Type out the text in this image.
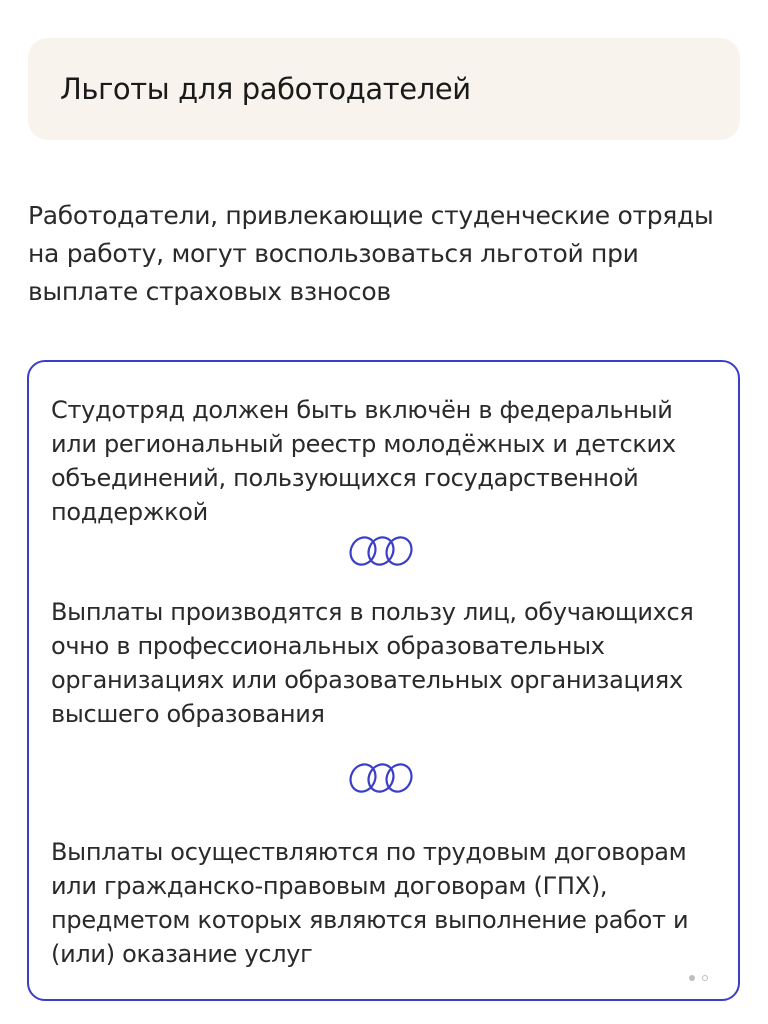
Льготы для работодателей

Работодатели, привлекающие студенческие отряды на работу, могут воспользоваться льготой при выплате страховых взносов

Студотряд должен быть включён в федеральный или региональный реестр молодёжных и детских объединений, пользующихся государственной поддержкой

Выплаты производятся в пользу лиц, обучающихся очно в профессиональных образовательных организациях или образовательных организациях высшего образования

Выплаты осуществляются по трудовым договорам или гражданско-правовым договорам (ГПХ), предметом которых являются выполнение работ и (или) оказание услуг
